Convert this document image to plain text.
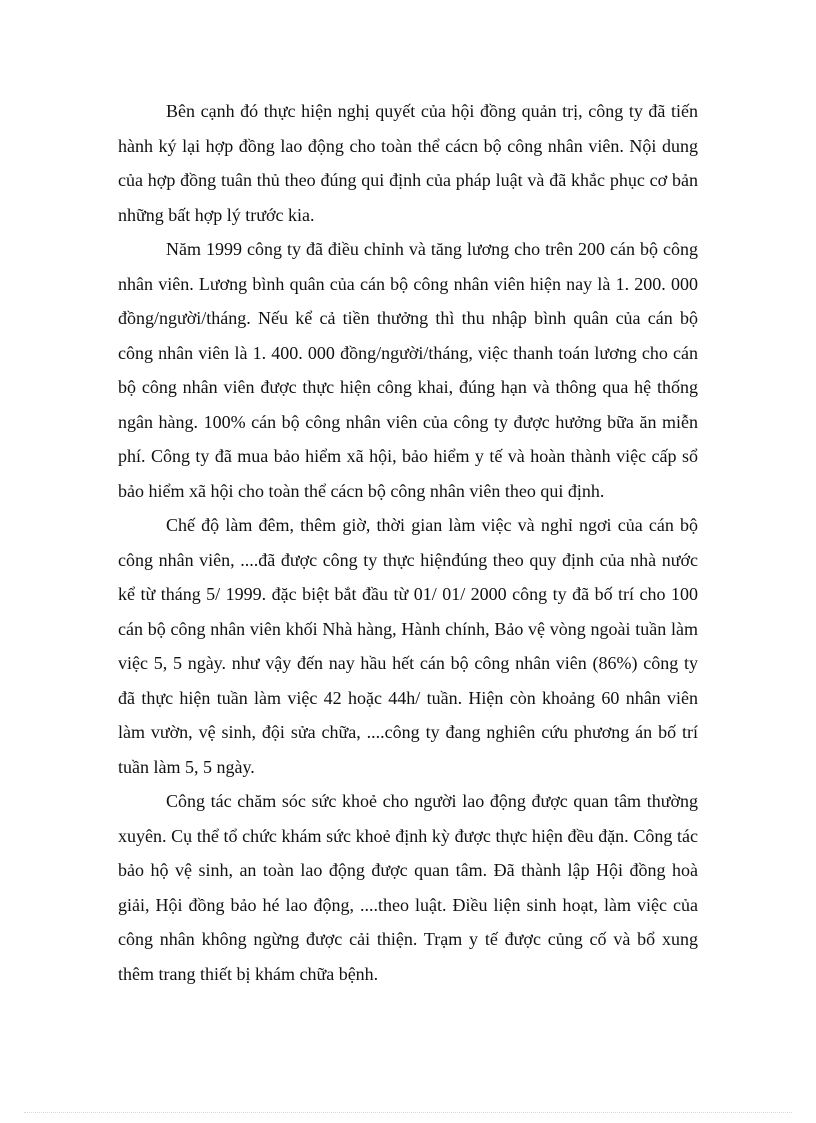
Bên cạnh đó thực hiện nghị quyết của hội đồng quản trị, công ty đã tiến hành ký lại hợp đồng lao động cho toàn thể cácn bộ công nhân viên. Nội dung của hợp đồng tuân thủ theo đúng qui định của pháp luật và đã khắc phục cơ bản những bất hợp lý trước kia.

Năm 1999 công ty đã điều chỉnh và tăng lương cho trên 200 cán bộ công nhân viên. Lương bình quân của cán bộ công nhân viên hiện nay là 1. 200. 000 đồng/người/tháng. Nếu kể cả tiền thưởng thì thu nhập bình quân của cán bộ công nhân viên là 1. 400. 000 đồng/người/tháng, việc thanh toán lương cho cán bộ công nhân viên được thực hiện công khai, đúng hạn và thông qua hệ thống ngân hàng. 100% cán bộ công nhân viên của công ty được hưởng bữa ăn miễn phí. Công ty đã mua bảo hiểm xã hội, bảo hiểm y tế và hoàn thành việc cấp sổ bảo hiểm xã hội cho toàn thể cácn bộ công nhân viên theo qui định.

Chế độ làm đêm, thêm giờ, thời gian làm việc và nghỉ ngơi của cán bộ công nhân viên, ....đã được công ty thực hiệnđúng theo quy định của nhà nước kể từ tháng 5/ 1999. đặc biệt bắt đầu từ 01/ 01/ 2000 công ty đã bố trí cho 100 cán bộ công nhân viên khối Nhà hàng, Hành chính, Bảo vệ vòng ngoài tuần làm việc 5, 5 ngày. như vậy đến nay hầu hết cán bộ công nhân viên (86%) công ty đã thực hiện tuần làm việc 42 hoặc 44h/ tuần. Hiện còn khoảng 60 nhân viên làm vườn, vệ sinh, đội sửa chữa, ....công ty đang nghiên cứu phương án bố trí tuần làm 5, 5 ngày.

Công tác chăm sóc sức khoẻ cho người lao động được quan tâm thường xuyên. Cụ thể tổ chức khám sức khoẻ định kỳ được thực hiện đều đặn. Công tác bảo hộ vệ sinh, an toàn lao động được quan tâm. Đã thành lập Hội đồng hoà giải, Hội đồng bảo hé lao động, ....theo luật. Điều liện sinh hoạt, làm việc của công nhân không ngừng được cải thiện. Trạm y tế được củng cố và bổ xung thêm trang thiết bị khám chữa bệnh.
